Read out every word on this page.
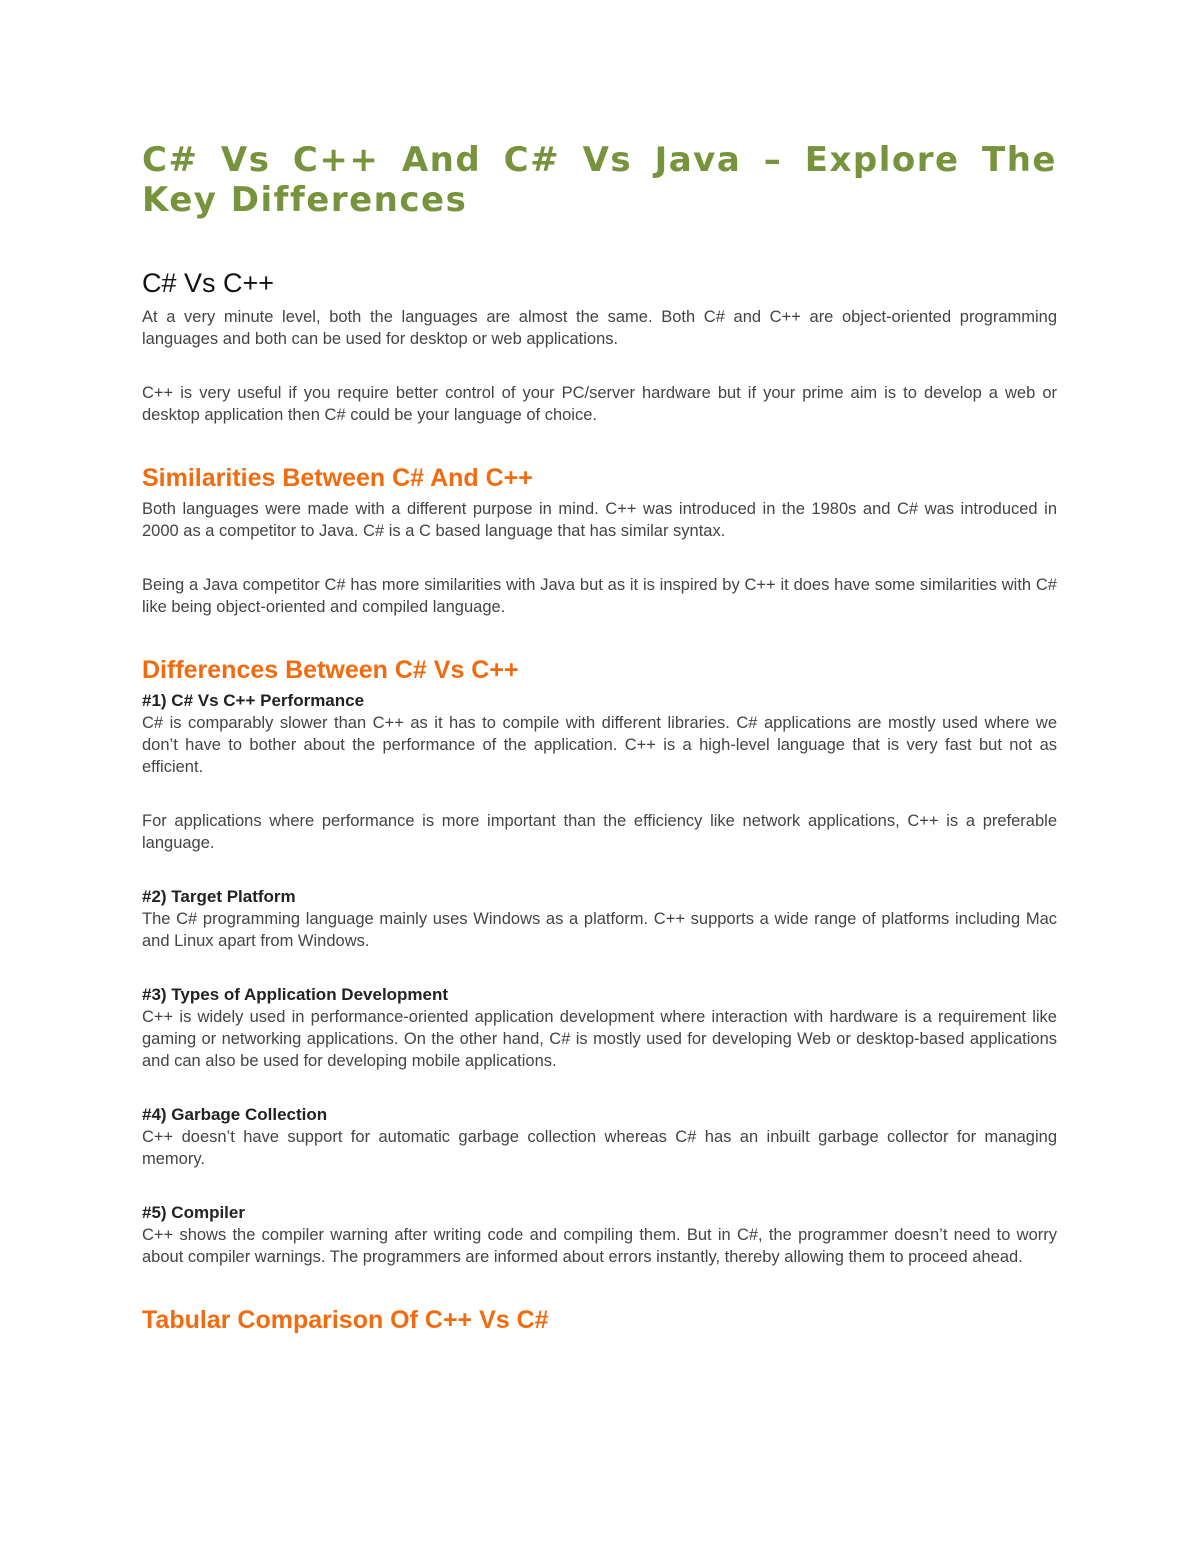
C# Vs C++ And C# Vs Java – Explore The Key Differences
C# Vs C++

At a very minute level, both the languages are almost the same. Both C# and C++ are object-oriented programming languages and both can be used for desktop or web applications.

C++ is very useful if you require better control of your PC/server hardware but if your prime aim is to develop a web or desktop application then C# could be your language of choice.

Similarities Between C# And C++

Both languages were made with a different purpose in mind. C++ was introduced in the 1980s and C# was introduced in 2000 as a competitor to Java. C# is a C based language that has similar syntax.

Being a Java competitor C# has more similarities with Java but as it is inspired by C++ it does have some similarities with C# like being object-oriented and compiled language.

Differences Between C# Vs C++
#1) C# Vs C++ Performance

C# is comparably slower than C++ as it has to compile with different libraries. C# applications are mostly used where we don’t have to bother about the performance of the application. C++ is a high-level language that is very fast but not as efficient.

For applications where performance is more important than the efficiency like network applications, C++ is a preferable language.

#2) Target Platform

The C# programming language mainly uses Windows as a platform. C++ supports a wide range of platforms including Mac and Linux apart from Windows.

#3) Types of Application Development

C++ is widely used in performance-oriented application development where interaction with hardware is a requirement like gaming or networking applications. On the other hand, C# is mostly used for developing Web or desktop-based applications and can also be used for developing mobile applications.

#4) Garbage Collection

C++ doesn’t have support for automatic garbage collection whereas C# has an inbuilt garbage collector for managing memory.

#5) Compiler

C++ shows the compiler warning after writing code and compiling them. But in C#, the programmer doesn’t need to worry about compiler warnings. The programmers are informed about errors instantly, thereby allowing them to proceed ahead.

Tabular Comparison Of C++ Vs C#
